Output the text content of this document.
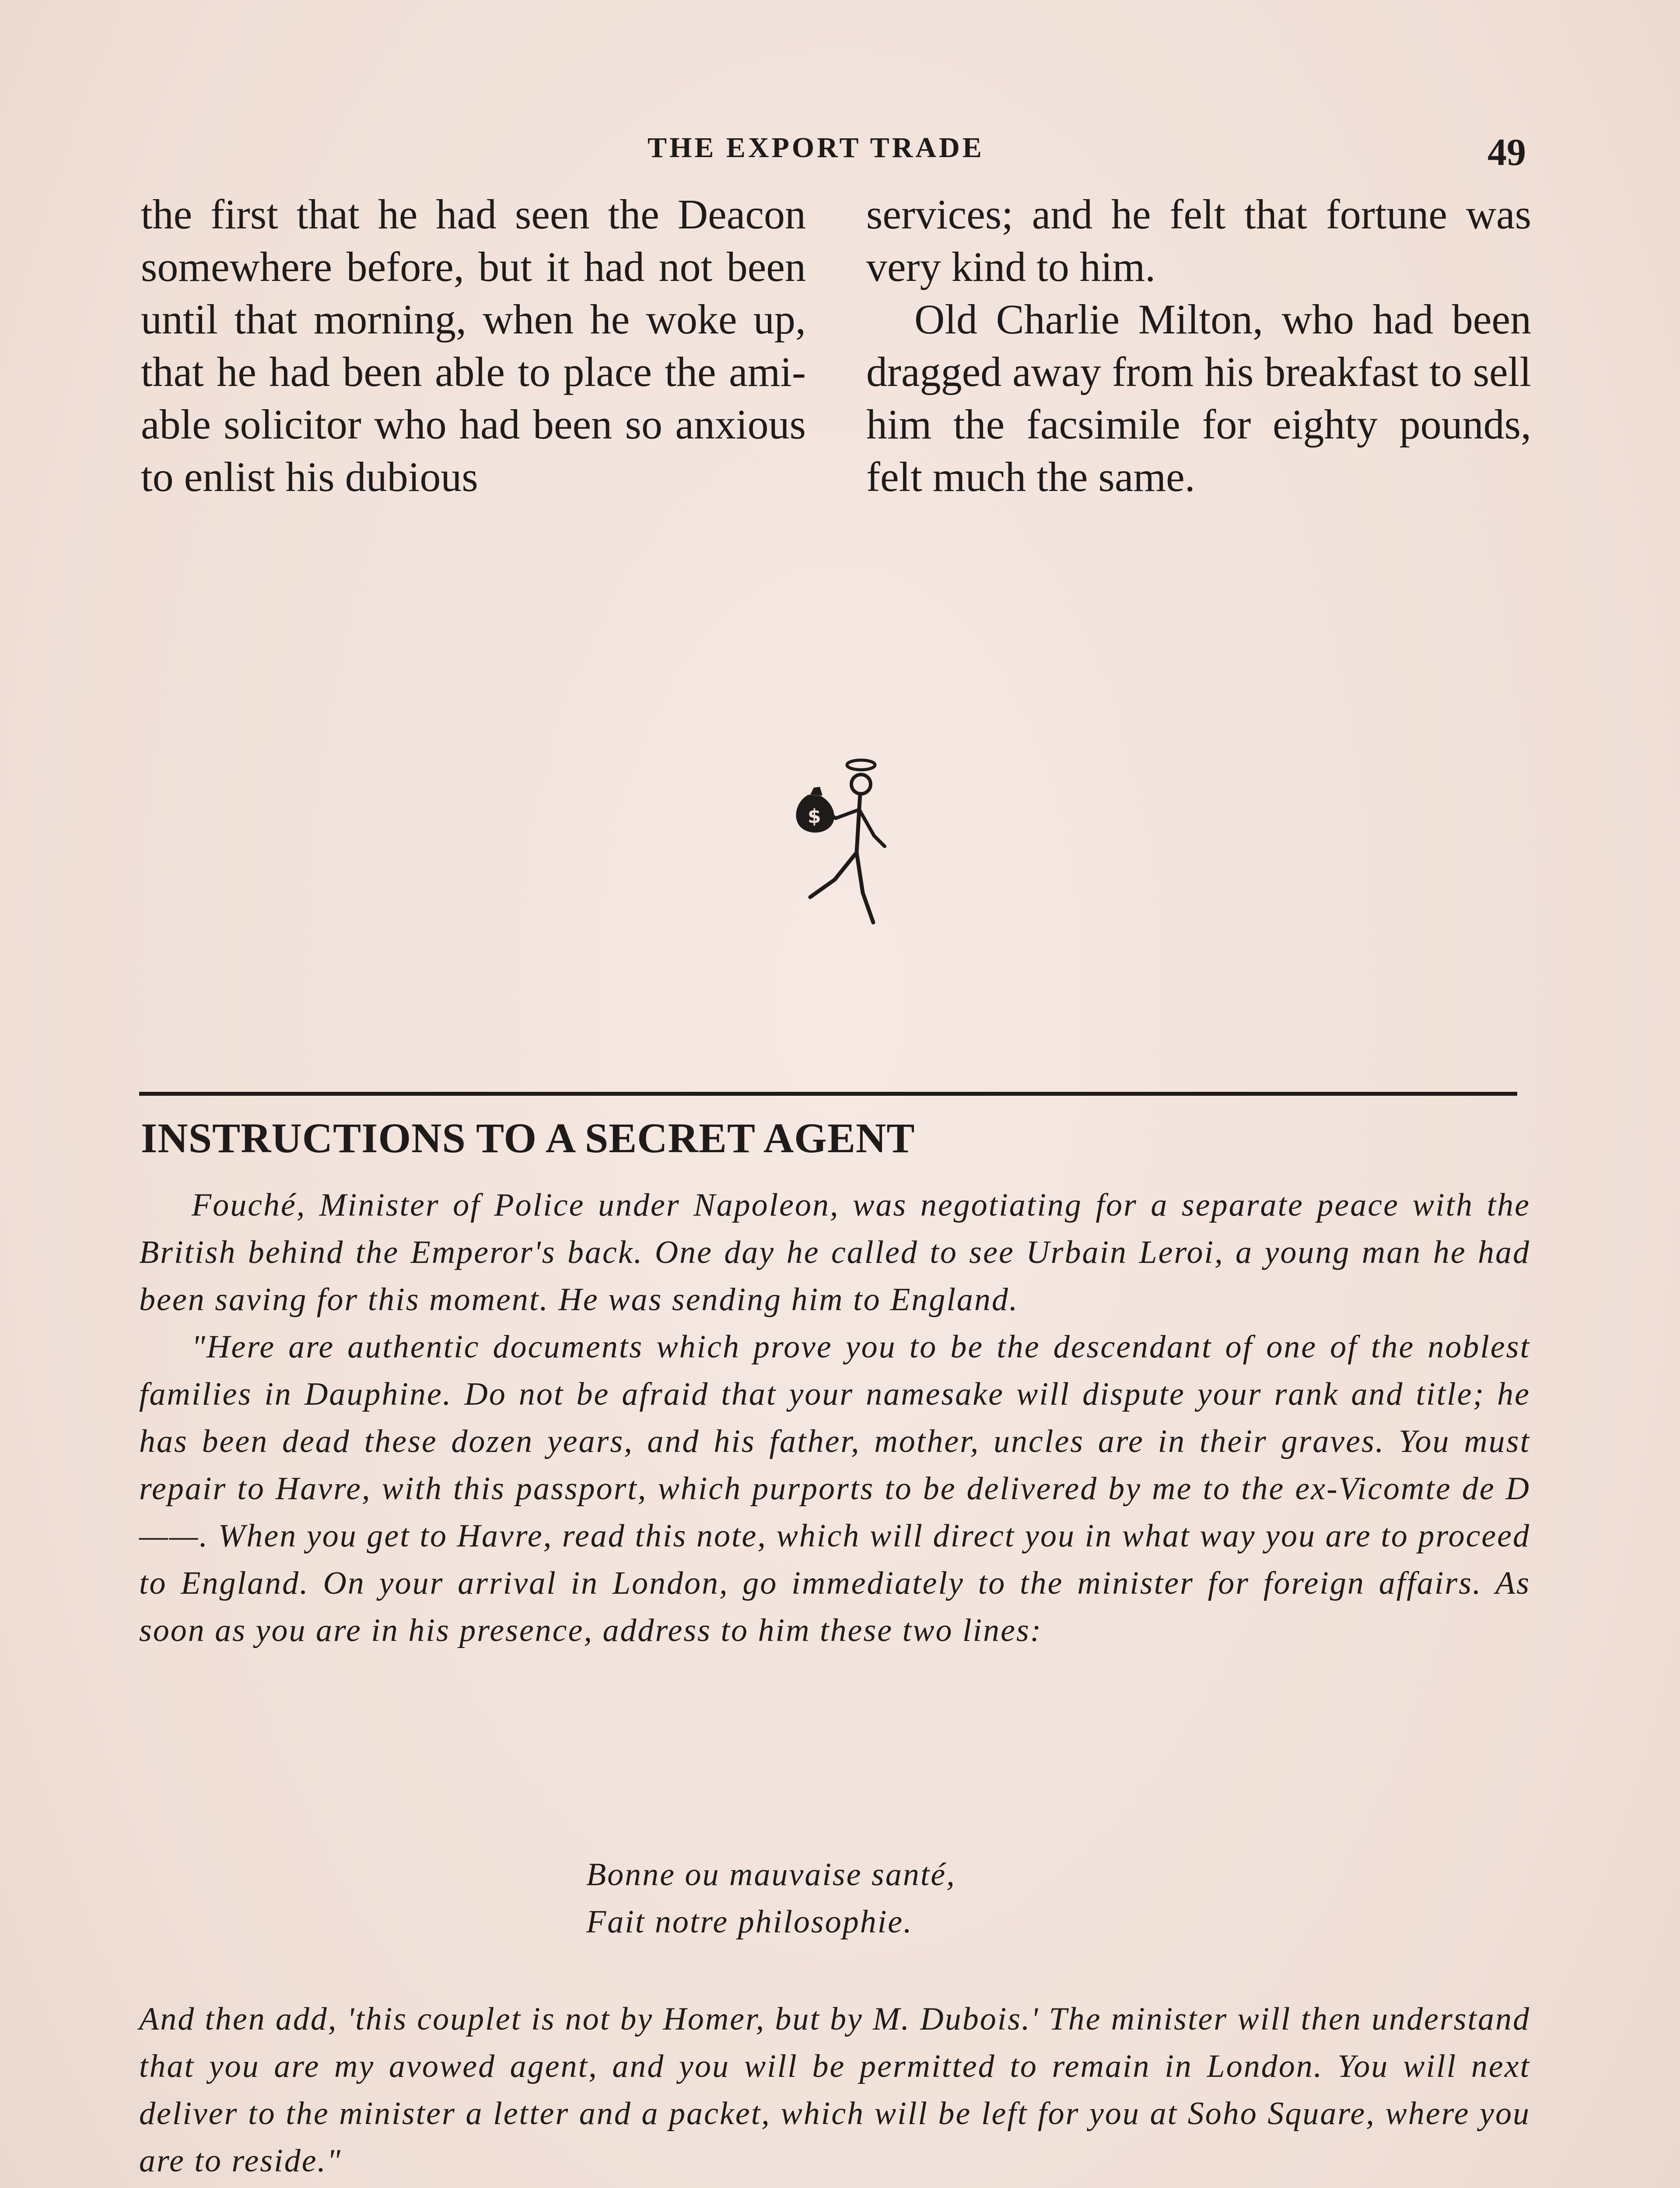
THE EXPORT TRADE	49

the first that he had seen the Deacon somewhere before, but it had not been until that morning, when he woke up, that he had been able to place the amiable solicitor who had been so anxious to enlist his dubious

services; and he felt that fortune was very kind to him.

Old Charlie Milton, who had been dragged away from his breakfast to sell him the facsimile for eighty pounds, felt much the same.

$
INSTRUCTIONS TO A SECRET AGENT

Fouché, Minister of Police under Napoleon, was negotiating for a separate peace with the British behind the Emperor's back. One day he called to see Urbain Leroi, a young man he had been saving for this moment. He was sending him to England.

"Here are authentic documents which prove you to be the descendant of one of the noblest families in Dauphine. Do not be afraid that your namesake will dispute your rank and title; he has been dead these dozen years, and his father, mother, uncles are in their graves. You must repair to Havre, with this passport, which purports to be delivered by me to the ex-Vicomte de D——. When you get to Havre, read this note, which will direct you in what way you are to proceed to England. On your arrival in London, go immediately to the minister for foreign affairs. As soon as you are in his presence, address to him these two lines:

Bonne ou mauvaise santé,
Fait notre philosophie.

And then add, 'this couplet is not by Homer, but by M. Dubois.' The minister will then understand that you are my avowed agent, and you will be permitted to remain in London. You will next deliver to the minister a letter and a packet, which will be left for you at Soho Square, where you are to reside."
